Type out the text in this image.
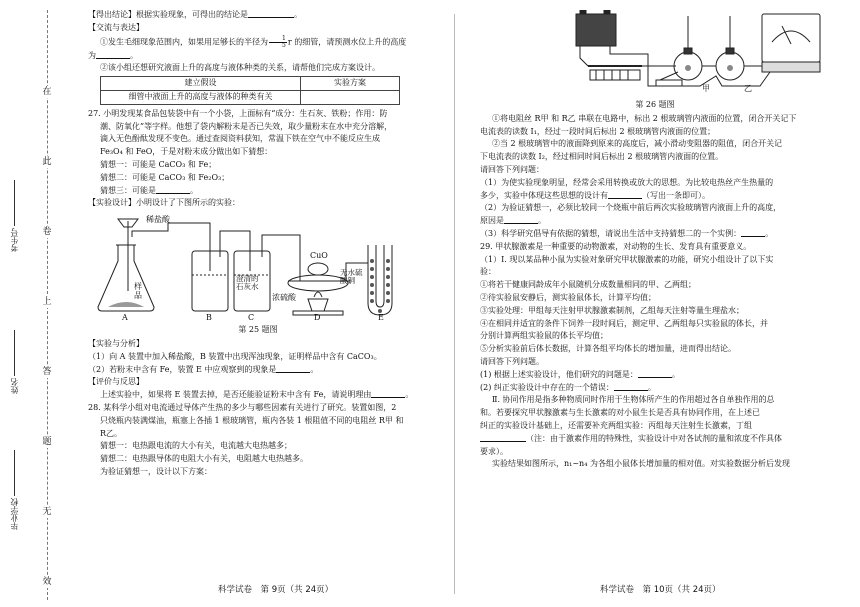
在
此
卷
上
答
题
无
效
考生号
姓名
毕业学校

【得出结论】根据实验现象，可得出的结论是	。

【交流与表达】

①发生毛细现象范围内，如果用足够长的半径为 $\frac{1}{5}$ r 的细管，请预测水位上升的高度

为	。

②该小组还想研究液面上升的高度与液体种类的关系，请帮他们完成方案设计。

建立假设	实验方案
细管中液面上升的高度与液体的种类有关	

27. 小明发现某食品包装袋中有一个小袋，上面标有“成分：生石灰、铁粉；作用：防

潮、防氧化”等字样。他想了袋内解粉末是否已失效，取少量粉末在水中充分溶解，

滴入无色酚酞发现不变色。通过查阅资料获知，常温下铁在空气中不能反应生成

Fe₃O₄ 和 FeO，于是对粉末成分做出如下猜想：

猜想一：可能是 CaCO₃ 和 Fe；

猜想二：可能是 CaCO₃ 和 Fe₂O₃；

猜想三：可能是	。

【实验设计】小明设计了下图所示的实验：

稀盐酸
样品
澄清的石灰水
浓硫酸
CuO
无水硫酸铜
A	B	C	D	E

第 25 题图

【实验与分析】

（1）向 A 装置中加入稀盐酸，B 装置中出现浑浊现象，证明样品中含有 CaCO₃。

（2）若粉末中含有 Fe，装置 E 中应观察到的现象是	。

【评价与反思】

上述实验中，如果将 E 装置去掉，是否还能验证粉末中含有 Fe，请说明理由	。

28. 某科学小组对电流通过导体产生热的多少与哪些因素有关进行了研究。装置如图，2

只烧瓶内装满煤油，瓶塞上各插 1 根玻璃管，瓶内各装 1 根阻值不同的电阻丝 R甲 和

R乙。

猜想一：电热跟电流的大小有关，电流越大电热越多；

猜想二：电热跟导体的电阻大小有关，电阻越大电热越多。

为验证猜想一，设计以下方案：

甲	乙

第 26 题图

①将电阻丝 R甲 和 R乙 串联在电路中，标出 2 根玻璃管内液面的位置，闭合开关记下

电流表的读数 I₁，经过一段时间后标出 2 根玻璃管内液面的位置；

②当 2 根玻璃管中的液面降到原来的高度后，减小滑动变阻器的阻值，闭合开关记

下电流表的读数 I₂，经过相同时间后标出 2 根玻璃管内液面的位置。

请回答下列问题：

（1）为使实验现象明显，经常会采用转换或放大的思想。为比较电热丝产生热量的

多少，实验中体现这些思想的设计有	（写出一条即可）。

（2）为验证猜想一，必须比较同一个烧瓶中前后两次实验玻璃管内液面上升的高度，

原因是	。

（3）科学研究倡导有依据的猜想，请说出生活中支持猜想二的一个实例：	。

29. 甲状腺激素是一种重要的动物激素，对动物的生长、发育具有重要意义。

（1）Ⅰ. 现以某品种小鼠为实验对象研究甲状腺激素的功能，研究小组设计了以下实

验：

①将若干健康同龄成年小鼠随机分成数量相同的甲、乙两组；

②待实验鼠安静后，测实验鼠体长，计算平均值；

③实验处理：甲组每天注射甲状腺激素制剂，乙组每天注射等量生理盐水；

④在相同并适宜的条件下饲养一段时间后，测定甲、乙两组每只实验鼠的体长，并

分别计算两组实验鼠的体长平均值；

⑤分析实验前后体长数据，计算各组平均体长的增加量，进而得出结论。

请回答下列问题。

(1) 根据上述实验设计，他们研究的问题是：	。

(2) 纠正实验设计中存在的一个错误：	。

Ⅱ. 协同作用是指多种物质同时作用于生物体所产生的作用超过各自单独作用的总

和。若要探究甲状腺激素与生长激素的对小鼠生长是否具有协同作用，在上述已

纠正的实验设计基础上，还需要补充两组实验：丙组每天注射生长激素，丁组

（注：由于激素作用的特殊性，实验设计中对各试剂的量和浓度不作具体

要求）。

实验结果如图所示，n₁~n₄ 为各组小鼠体长增加量的相对值。对实验数据分析后发现

科学试卷　第 9页（共 24页）	科学试卷　第 10页（共 24页）
